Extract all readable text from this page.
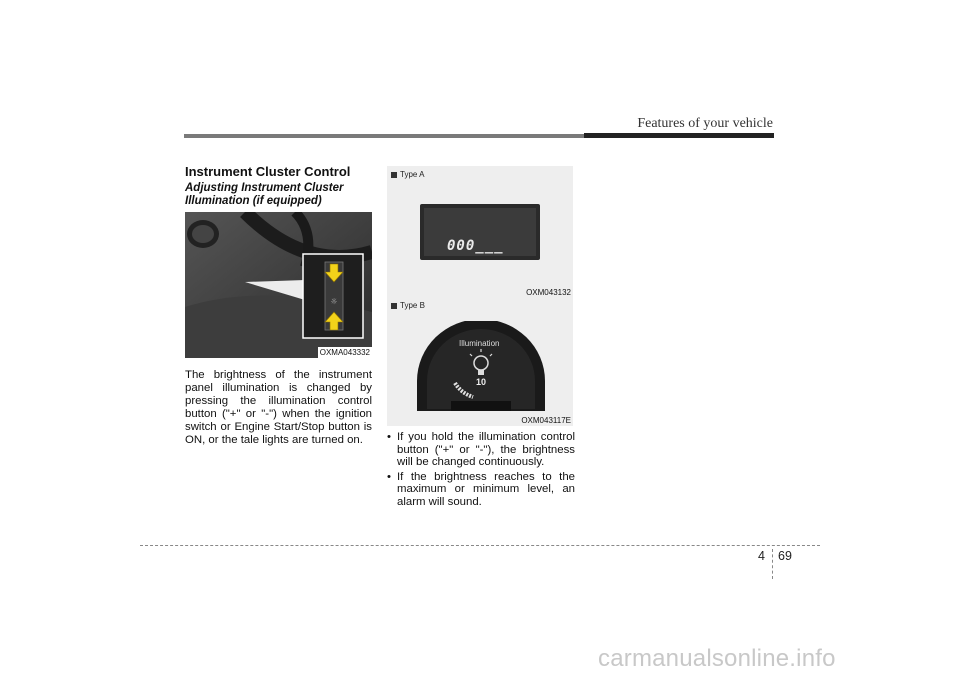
Features of your vehicle
Instrument Cluster Control
Adjusting Instrument Cluster Illumination (if equipped)
☼
OXMA043332
The brightness of the instrument panel illumination is changed by pressing the illumination control button ("+" or "-") when the ignition switch or Engine Start/Stop button is ON, or the tale lights are turned on.
Type A
000___
OXM043132
Type B
Illumination
10
OXM043117E
• If you hold the illumination control button ("+" or "-"), the brightness will be changed continuously.
• If the brightness reaches to the maximum or minimum level, an alarm will sound.
4 69
carmanualsonline.info
